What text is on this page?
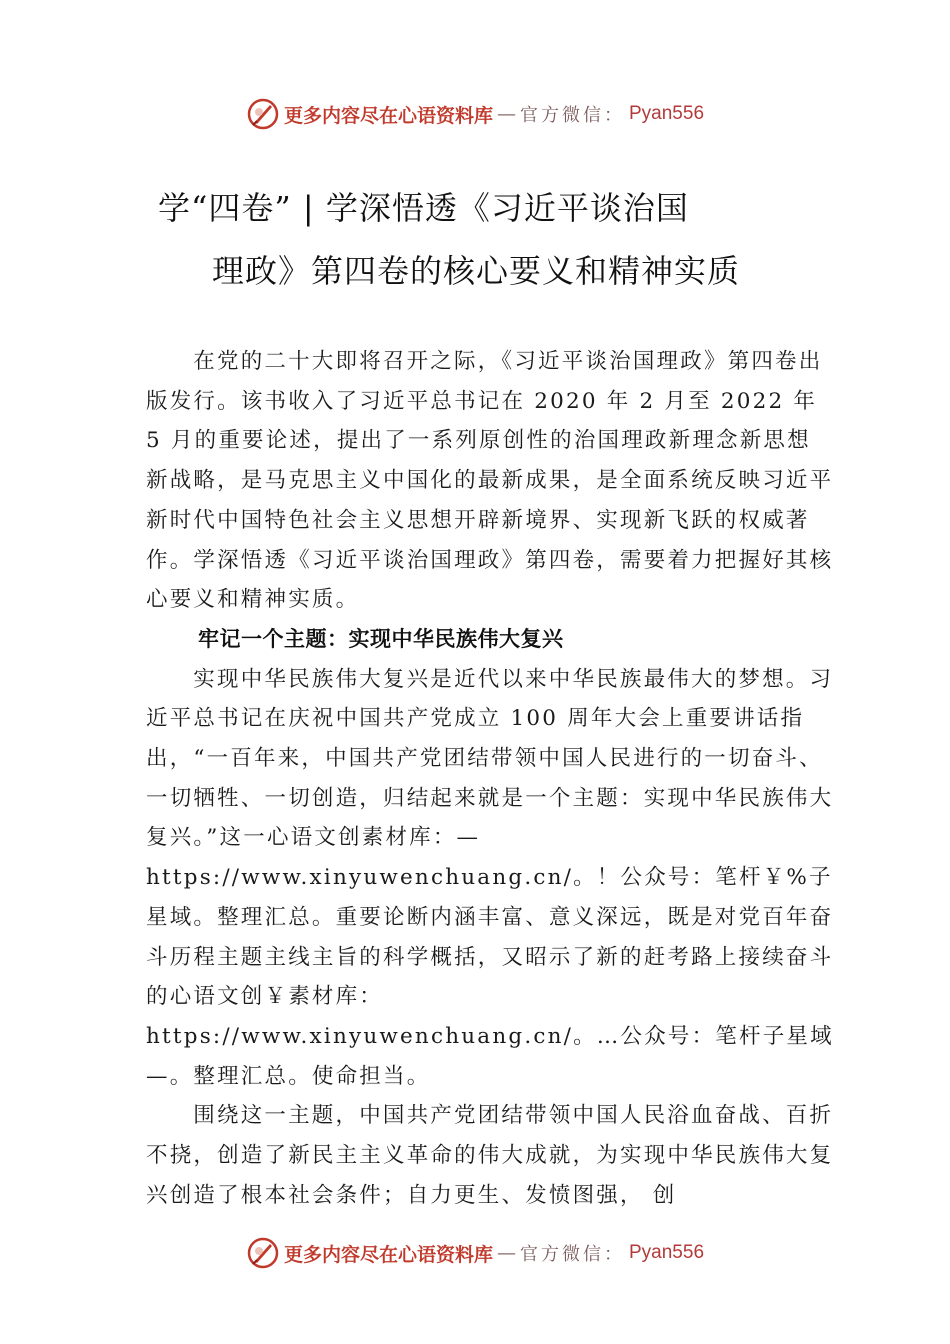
更多内容尽在心语资料库 — 官方微信： Pyan556
学“四卷” | 学深悟透《习近平谈治国
理政》第四卷的核心要义和精神实质

在党的二十大即将召开之际，《习近平谈治国理政》第四卷出版发行。该书收入了习近平总书记在 2020 年 2 月至 2022 年 5 月的重要论述，提出了一系列原创性的治国理政新理念新思想新战略，是马克思主义中国化的最新成果，是全面系统反映习近平新时代中国特色社会主义思想开辟新境界、实现新飞跃的权威著作。学深悟透《习近平谈治国理政》第四卷，需要着力把握好其核心要义和精神实质。

牢记一个主题：实现中华民族伟大复兴

实现中华民族伟大复兴是近代以来中华民族最伟大的梦想。习近平总书记在庆祝中国共产党成立 100 周年大会上重要讲话指出，“一百年来，中国共产党团结带领中国人民进行的一切奋斗、一切牺牲、一切创造，归结起来就是一个主题：实现中华民族伟大复兴。”这一心语文创素材库：—https://www.xinyuwenchuang.cn/。！公众号：笔杆￥%子星域。整理汇总。重要论断内涵丰富、意义深远，既是对党百年奋斗历程主题主线主旨的科学概括，又昭示了新的赶考路上接续奋斗的心语文创￥素材库：https://www.xinyuwenchuang.cn/。…公众号：笔杆子星域—。整理汇总。使命担当。

围绕这一主题，中国共产党团结带领中国人民浴血奋战、百折不挠，创造了新民主主义革命的伟大成就，为实现中华民族伟大复兴创造了根本社会条件；自力更生、发愤图强， 创

更多内容尽在心语资料库 — 官方微信： Pyan556
